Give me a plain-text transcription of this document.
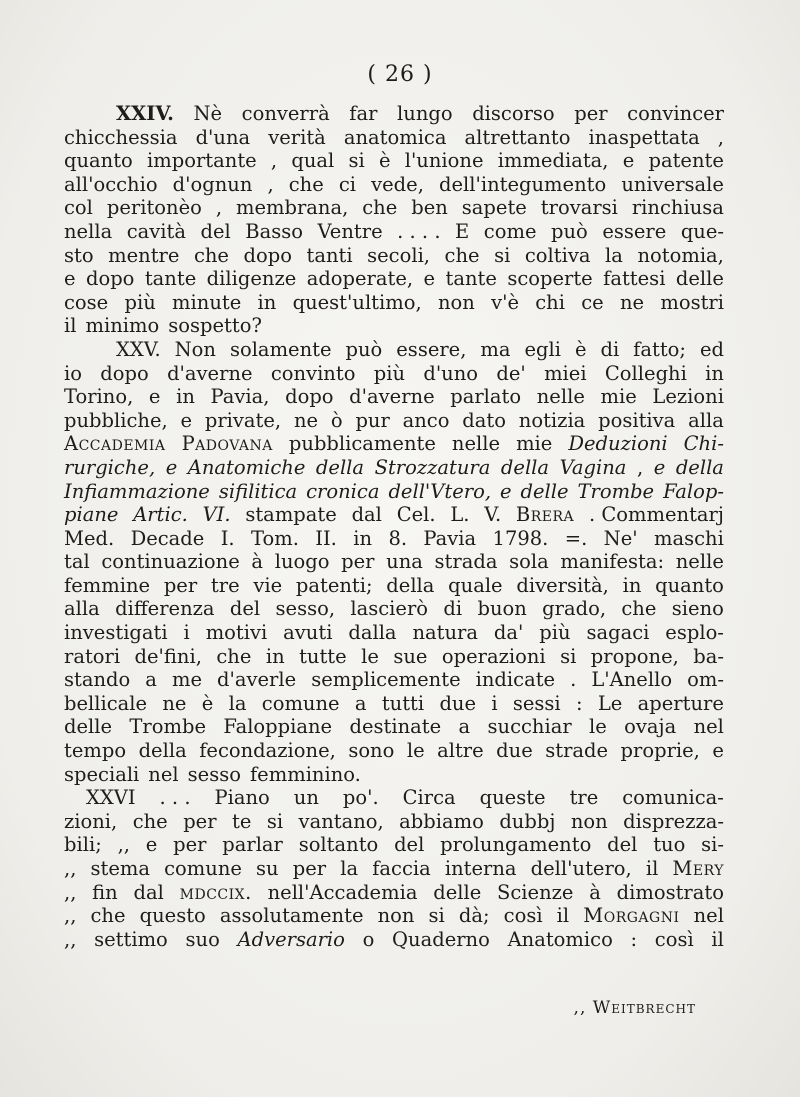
( 26 )
XXIV. Nè converrà far lungo discorso per convincer
chicchessia d'una verità anatomica altrettanto inaspettata ,
quanto importante , qual si è l'unione immediata, e patente
all'occhio d'ognun , che ci vede, dell'integumento universale
col peritonèo , membrana, che ben sapete trovarsi rinchiusa
nella cavità del Basso Ventre . . . . E come può essere que-
sto mentre che dopo tanti secoli, che si coltiva la notomia,
e dopo tante diligenze adoperate, e tante scoperte fattesi delle
cose più minute in quest'ultimo, non v'è chi ce ne mostri
il minimo sospetto?
XXV. Non solamente può essere, ma egli è di fatto; ed
io dopo d'averne convinto più d'uno de' miei Colleghi in
Torino, e in Pavia, dopo d'averne parlato nelle mie Lezioni
pubbliche, e private, ne ò pur anco dato notizia positiva alla
Accademia Padovana pubblicamente nelle mie Deduzioni Chi-
rurgiche, e Anatomiche della Strozzatura della Vagina , e della
Infiammazione sifilitica cronica dell'Vtero, e delle Trombe Falop-
piane Artic. VI. stampate dal Cel. L. V. Brera . Commentarj
Med. Decade I. Tom. II. in 8. Pavia 1798. =. Ne' maschi
tal continuazione à luogo per una strada sola manifesta: nelle
femmine per tre vie patenti; della quale diversità, in quanto
alla differenza del sesso, lascierò di buon grado, che sieno
investigati i motivi avuti dalla natura da' più sagaci esplo-
ratori de'fini, che in tutte le sue operazioni si propone, ba-
stando a me d'averle semplicemente indicate . L'Anello om-
bellicale ne è la comune a tutti due i sessi : Le aperture
delle Trombe Faloppiane destinate a succhiar le ovaja nel
tempo della fecondazione, sono le altre due strade proprie, e
speciali nel sesso femminino.
XXVI . . . Piano un po'. Circa queste tre comunica-
zioni, che per te si vantano, abbiamo dubbj non disprezza-
bili; ,, e per parlar soltanto del prolungamento del tuo si-
,, stema comune su per la faccia interna dell'utero, il Mery
,, fin dal mdccix. nell'Accademia delle Scienze à dimostrato
,, che questo assolutamente non si dà; così il Morgagni nel
,, settimo suo Adversario o Quaderno Anatomico : così il
,, Weitbrecht
